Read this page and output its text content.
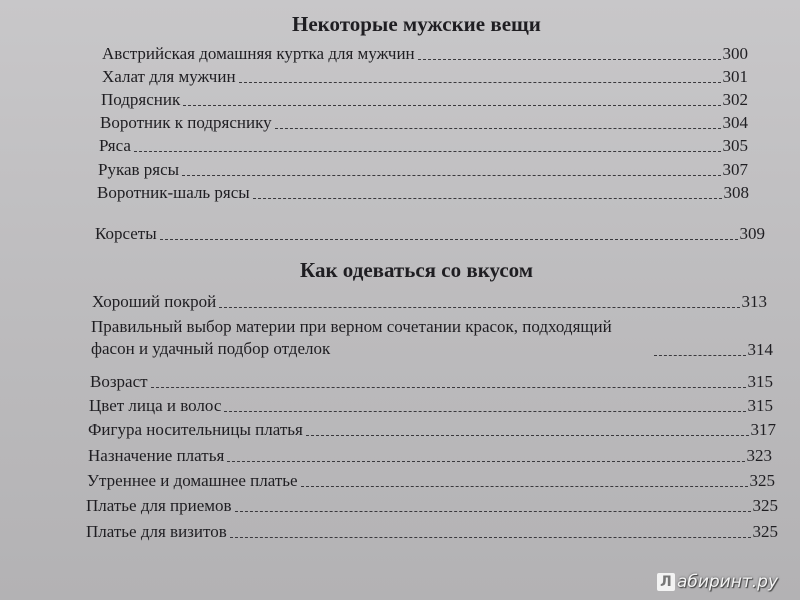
Некоторые мужские вещи
Австрийская домашняя куртка для мужчин	300
Халат для мужчин	301
Подрясник	302
Воротник к подряснику	304
Ряса	305
Рукав рясы	307
Воротник-шаль рясы	308
Корсеты	309
Как одеваться со вкусом
Хороший покрой	313
Правильный выбор материи при верном сочетании красок, подходящий фасон и удачный подбор отделок	314
Возраст	315
Цвет лица и волос	315
Фигура носительницы платья	317
Назначение платья	323
Утреннее и домашнее платье	325
Платье для приемов	325
Платье для визитов	325
Л абиринт.ру
